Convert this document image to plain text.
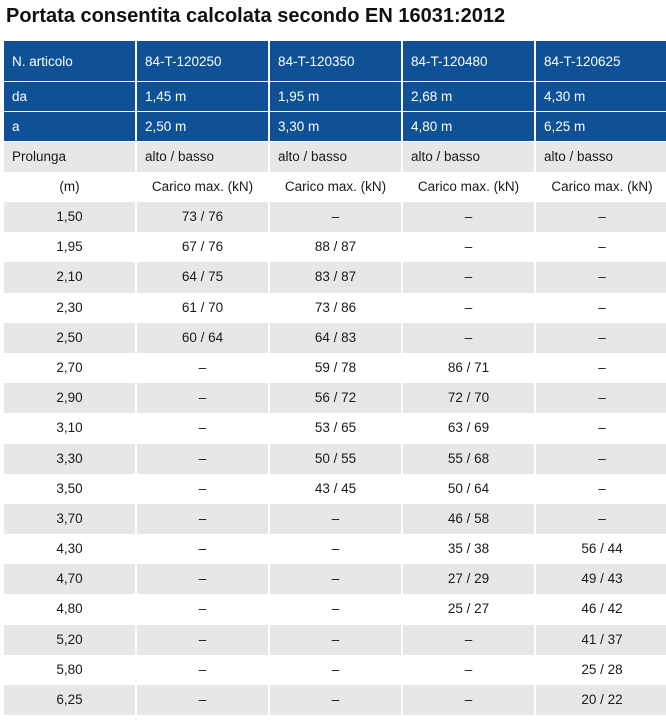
Portata consentita calcolata secondo EN 16031:2012
N. articolo	84-T-120250	84-T-120350	84-T-120480	84-T-120625
da	1,45 m	1,95 m	2,68 m	4,30 m
a	2,50 m	3,30 m	4,80 m	6,25 m
Prolunga	alto / basso	alto / basso	alto / basso	alto / basso
(m)	Carico max. (kN)	Carico max. (kN)	Carico max. (kN)	Carico max. (kN)
1,50	73 / 76	–	–	–
1,95	67 / 76	88 / 87	–	–
2,10	64 / 75	83 / 87	–	–
2,30	61 / 70	73 / 86	–	–
2,50	60 / 64	64 / 83	–	–
2,70	–	59 / 78	86 / 71	–
2,90	–	56 / 72	72 / 70	–
3,10	–	53 / 65	63 / 69	–
3,30	–	50 / 55	55 / 68	–
3,50	–	43 / 45	50 / 64	–
3,70	–	–	46 / 58	–
4,30	–	–	35 / 38	56 / 44
4,70	–	–	27 / 29	49 / 43
4,80	–	–	25 / 27	46 / 42
5,20	–	–	–	41 / 37
5,80	–	–	–	25 / 28
6,25	–	–	–	20 / 22
